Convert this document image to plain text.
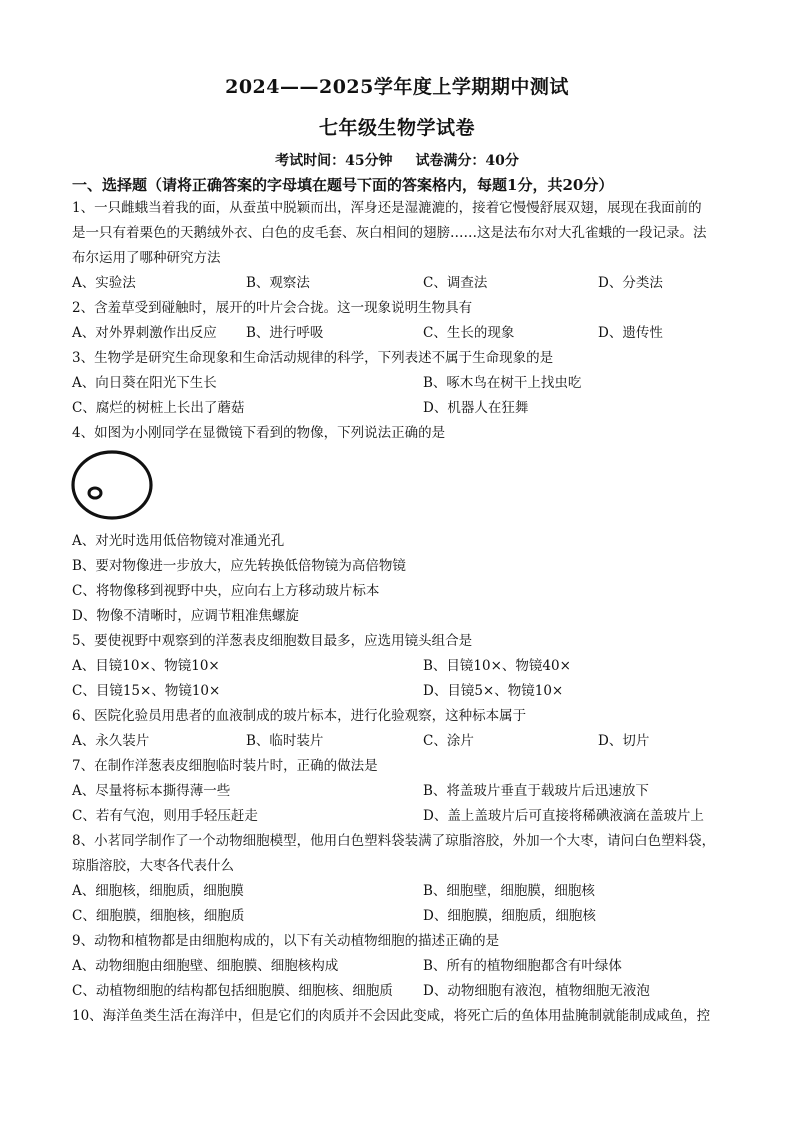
2024——2025学年度上学期期中测试
七年级生物学试卷
考试时间：45分钟 试卷满分：40分
一、选择题（请将正确答案的字母填在题号下面的答案格内，每题1分，共20分）
1、一只雌蛾当着我的面，从蚕茧中脱颖而出，浑身还是湿漉漉的，接着它慢慢舒展双翅，展现在我面前的
是一只有着栗色的天鹅绒外衣、白色的皮毛套、灰白相间的翅膀……这是法布尔对大孔雀蛾的一段记录。法
布尔运用了哪种研究方法
A、实验法	B、观察法	C、调查法	D、分类法
2、含羞草受到碰触时，展开的叶片会合拢。这一现象说明生物具有
A、对外界刺激作出反应 B、进行呼吸	C、生长的现象	D、遗传性
3、生物学是研究生命现象和生命活动规律的科学，下列表述不属于生命现象的是
A、向日葵在阳光下生长	B、啄木鸟在树干上找虫吃
C、腐烂的树桩上长出了蘑菇	D、机器人在狂舞
4、如图为小刚同学在显微镜下看到的物像，下列说法正确的是
A、对光时选用低倍物镜对准通光孔
B、要对物像进一步放大，应先转换低倍物镜为高倍物镜
C、将物像移到视野中央，应向右上方移动玻片标本
D、物像不清晰时，应调节粗准焦螺旋
5、要使视野中观察到的洋葱表皮细胞数目最多，应选用镜头组合是
A、目镜10×、物镜10×	B、目镜10×、物镜40×
C、目镜15×、物镜10×	D、目镜5×、物镜10×
6、医院化验员用患者的血液制成的玻片标本，进行化验观察，这种标本属于
A、永久装片	B、临时装片	C、涂片	D、切片
7、在制作洋葱表皮细胞临时装片时，正确的做法是
A、尽量将标本撕得薄一些	B、将盖玻片垂直于载玻片后迅速放下
C、若有气泡，则用手轻压赶走	D、盖上盖玻片后可直接将稀碘液滴在盖玻片上
8、小茗同学制作了一个动物细胞模型，他用白色塑料袋装满了琼脂溶胶，外加一个大枣，请问白色塑料袋，
琼脂溶胶，大枣各代表什么
A、细胞核，细胞质，细胞膜	B、细胞壁，细胞膜，细胞核
C、细胞膜，细胞核，细胞质	D、细胞膜，细胞质，细胞核
9、动物和植物都是由细胞构成的，以下有关动植物细胞的描述正确的是
A、动物细胞由细胞壁、细胞膜、细胞核构成	B、所有的植物细胞都含有叶绿体
C、动植物细胞的结构都包括细胞膜、细胞核、细胞质 D、动物细胞有液泡，植物细胞无液泡
10、海洋鱼类生活在海洋中，但是它们的肉质并不会因此变咸，将死亡后的鱼体用盐腌制就能制成咸鱼，控
